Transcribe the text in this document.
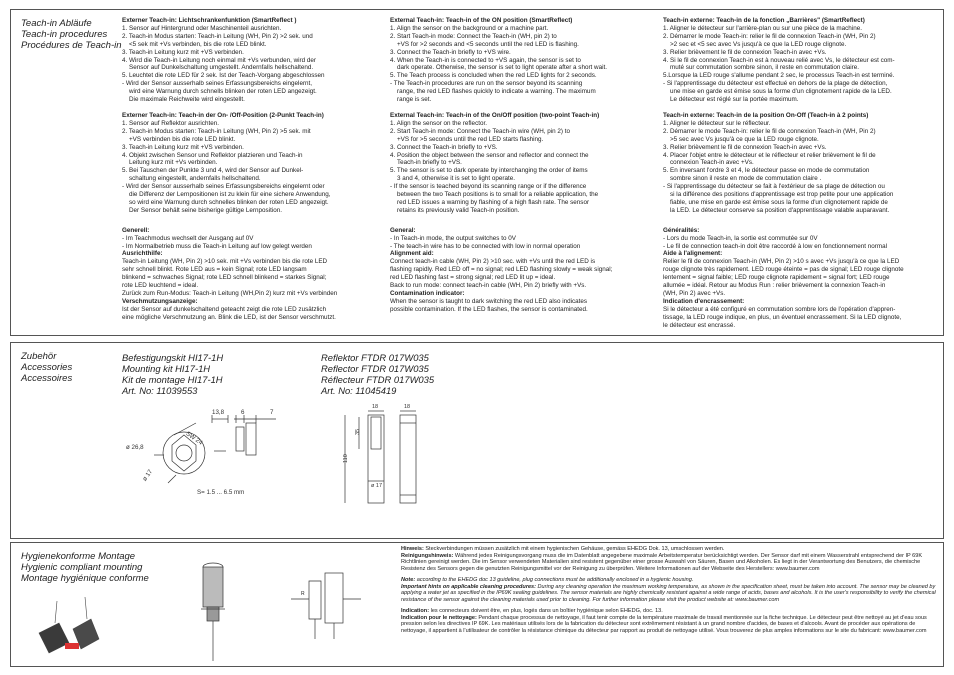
Teach-in Abläufe
Teach-in procedures
Procédures de Teach-in

Externer Teach-in: Lichtschrankenfunktion (SmartReflect )

1. Sensor auf Hintergrund oder Maschinenteil ausrichten.

2. Teach-in Modus starten: Teach-in Leitung (WH, Pin 2) >2 sek. und

<5 sek mit +Vs verbinden, bis die rote LED blinkt.

3. Teach-in Leitung kurz mit +VS verbinden.

4. Wird die Teach-in Leitung noch einmal mit +Vs verbunden, wird der

Sensor auf Dunkelschaltung umgestellt. Andernfalls hellschaltend.

5. Leuchtet die rote LED für 2 sek. Ist der Teach-Vorgang abgeschlossen

- Wird der Sensor ausserhalb seines Erfassungsbereichs eingelernt,

wird eine Warnung durch schnells blinken der roten LED angezeigt.

Die maximale Reichweite wird eingestellt.

Externer Teach-in: Teach-in der On- /Off-Position (2-Punkt Teach-in)

1. Sensor auf Reflektor ausrichten.

2. Teach-in Modus starten: Teach-in Leitung (WH, Pin 2) >5 sek. mit

+VS verbinden bis die rote LED blinkt.

3. Teach-in Leitung kurz mit +VS verbinden.

4. Objekt zwischen Sensor und Reflektor platzieren und Teach-in

Leitung kurz mit +Vs verbinden.

5. Bei Tauschen der Punkte 3 und 4, wird der Sensor auf Dunkel-

schaltung eingestellt, andernfalls hellschaltend.

- Wird der Sensor ausserhalb seines Erfassungsbereichs eingelernt oder

die Differenz der Lernpositionen ist zu klein für eine sichere Anwendung,

so wird eine Warnung durch schnelles blinken der roten LED angezeigt.

Der Sensor behält seine bisherige gültige Lernposition.

Generell:

- Im Teachmodus wechselt der Ausgang auf 0V

- Im Normalbetrieb muss die Teach-in Leitung auf low gelegt werden

Ausrichthilfe:

Teach-in Leitung (WH, Pin 2) >10 sek. mit +Vs verbinden bis die rote LED

sehr schnell blinkt. Rote LED aus = kein Signal; rote LED langsam

blinkend = schwaches Signal; rote LED schnell blinkend = starkes Signal;

rote LED leuchtend = ideal.

Zurück zum Run-Modus: Teach-in Leitung (WH,Pin 2) kurz mit +Vs verbinden

Verschmutzungsanzeige:

Ist der Sensor auf dunkelschaltend geteacht zeigt die rote LED zusätzlich

eine mögliche Verschmutzung an. Blink die LED, ist der Sensor verschmutzt.

External Teach-in: Teach-in of the ON position (SmartReflect)

1. Align the sensor on the background or a machine part.

2. Start Teach-in mode: Connect the Teach-in (WH, pin 2) to

+VS for >2 seconds and <5 seconds until the red LED is flashing.

3. Connect the Teach-in briefly to +VS wire.

4. When the Teach-in is connected to +VS again, the sensor is set to

dark operate. Otherwise, the sensor is set to light operate after a short wait.

5. The Teach process is concluded when the red LED lights for 2 seconds.

- The Teach-in procedures are run on the sensor beyond its scanning

range, the red LED flashes quickly to indicate a warning. The maximum

range is set.

External Teach-in: Teach-in of the On/Off position (two-point Teach-in)

1. Align the sensor on the reflector.

2. Start Teach-in mode: Connect the Teach-in wire (WH, pin 2) to

+VS for >5 seconds until the red LED starts flashing.

3. Connect the Teach-in briefly to +VS.

4. Position the object between the sensor and reflector and connect the

Teach-in briefly to +VS.

5. The sensor is set to dark operate by interchanging the order of items

3 and 4, otherwise it is set to light operate.

- If the sensor is teached beyond its scanning range or if the difference

between the two Teach positions is to small for a reliable application, the

red LED issues a warning by flashing of a high flash rate. The sensor

retains its previously valid Teach-in position.

General:

- In Teach-in mode, the output switches to 0V

- The teach-in wire has to be connected with low in normal operation

Alignment aid:

Connect teach-in cable (WH, Pin 2) >10 sec. with +Vs until the red LED is

flashing rapidly. Red LED off = no signal; red LED flashing slowly = weak signal;

red LED flashing fast = strong signal; red LED lit up = ideal.

Back to run mode: connect teach-in cable (WH, Pin 2) briefly with +Vs.

Contamination indicator:

When the sensor is taught to dark switching the red LED also indicates

possible contamination. If the LED flashes, the sensor is contaminated.

Teach-in externe: Teach-in de la fonction „Barrières" (SmartReflect)

1. Aligner le détecteur sur l'arrière-plan ou sur une pièce de la machine.

2. Démarrer le mode Teach-in: relier le fil de connexion Teach-in (WH, Pin 2)

>2 sec et <5 sec avec Vs jusqu'à ce que la LED rouge clignote.

3. Relier brièvement le fil de connexion Teach-in avec +Vs.

4. Si le fil de connexion Teach-in est à nouveau relié avec Vs, le détecteur est com-

muté sur commutation sombre sinon, il reste en commutation claire.

5.Lorsque la LED rouge s'allume pendant 2 sec, le processus Teach-in est terminé.

- Si l'apprentissage du détecteur est effectué en dehors de la plage de détection,

une mise en garde est émise sous la forme d'un clignotement rapide de la LED.

Le détecteur est réglé sur la portée maximum.

Teach-in externe: Teach-in de la position On-Off (Teach-in à 2 points)

1. Aligner le détecteur sur le réflecteur.

2. Démarrer le mode Teach-in: relier le fil de connexion Teach-in (WH, Pin 2)

>5 sec avec Vs jusqu'à ce que la LED rouge clignote.

3. Relier brièvement le fil de connexion Teach-in avec +Vs.

4. Placer l'objet entre le détecteur et le réflecteur et relier brièvement le fil de

connexion Teach-in avec +Vs.

5. En inversant l'ordre 3 et 4, le détecteur passe en mode de commutation

sombre sinon il reste en mode de commutation claire .

- Si l'apprentissage du détecteur se fait à l'extérieur de sa plage de détection ou

si la différence des positions d'apprentissage est trop petite pour une application

fiable, une mise en garde est émise sous la forme d'un clignotement rapide de

la LED. Le détecteur conserve sa position d'apprentissage valable auparavant.

Généralités:

- Lors du mode Teach-in, la sortie est commutée sur 0V

- Le fil de connection teach-in doit être raccordé à low en fonctionnement normal

Aide à l'alignement:

Relier le fil de connexion Teach-in (WH, Pin 2) >10 s avec +Vs jusqu'à ce que la LED

rouge clignote très rapidement. LED rouge éteinte = pas de signal; LED rouge clignote

lentement = signal faible; LED rouge clignote rapidement = signal fort; LED rouge

allumée = idéal. Retour au Modus Run : relier brièvement la connexion Teach-in

(WH, Pin 2) avec +Vs.

Indication d'encrassement:

Si le détecteur a été configuré en commutation sombre lors de l'opération d'appren-

tissage, la LED rouge indique, en plus, un éventuel encrassement. Si la LED clignote,

le détecteur est encrassé.

Zubehör
Accessories
Accessoires
Befestigungskit HI17-1H
Mounting kit HI17-1H
Kit de montage HI17-1H
Art. No: 11039553
Reflektor FTDR 017W035
Reflector FTDR 017W035
Réflecteur FTDR 017W035
Art. No: 11045419
13,8	6	7
ø 26,8
ø 17
SW 24
S= 1.5 ... 6.5 mm
18	18
110
35
ø 17
Hygienekonforme Montage
Hygienic compliant mounting
Montage hygiénique conforme
R

Hinweis: Steckverbindungen müssen zusätzlich mit einem hygienischen Gehäuse, gemäss EHEDG Dok. 13, umschlossen werden.

Reinigungshinweis: Während jedes Reinigungsvorgang muss die im Datenblatt angegebene maximale Arbeitstemperatur berücksichtigt werden. Der Sensor darf mit einem Wasserstrahl entsprechend der IP 69K Richtlinien gereinigt werden. Die im Sensor verwendeten Materialien sind resistent gegenüber einer grosse Auswahl von Säuren, Basen und Alkoholen. Es liegt in der Verantwortung des Benutzers, die chemische Resistenz des Sensors gegen die genutzten Reinigungsmittel vor der Reinigung zu überprüfen. Weitere Informationen auf der Webseite des Herstellers: www.baumer.com

Note: according to the EHEDG doc 13 guideline, plug connections must be additionally enclosed in a hygienic housing.

Important hints on applicable cleaning procedures: During any cleaning operation the maximum working temperature, as shown in the specification sheet, must be taken into account. The sensor may be cleaned by applying a water jet as specified in the IP69K sealing guidelines. The sensor materials are highly chemically resistant against a wide range of acids, bases and alcohols. It is the user's responsibility to verify the chemical resistance of the sensor against the cleaning materials used prior to cleaning. For further information please visit the product website at: www.baumer.com

Indication: les connecteurs doivent être, en plus, logés dans un boîtier hygiénique selon EHEDG, doc. 13.

Indication pour le nettoyage: Pendant chaque processus de nettoyage, il faut tenir compte de la température maximale de travail mentionnée sur la fiche technique. Le détecteur peut être nettoyé au jet d'eau sous pression selon les directives IP 69K. Les matériaux utilisés lors de la fabrication du détecteur sont extrêmement résistant à un grand nombre d'acides, de bases et d'alcools. Avant de procéder aux opérations de nettoyage, il appartient à l'utilisateur de contrôler la résistance chimique du détecteur par rapport au produit de nettoyage utilisé. Vous trouverez de plus amples informations sur le site du fabricant: www.baumer.com
